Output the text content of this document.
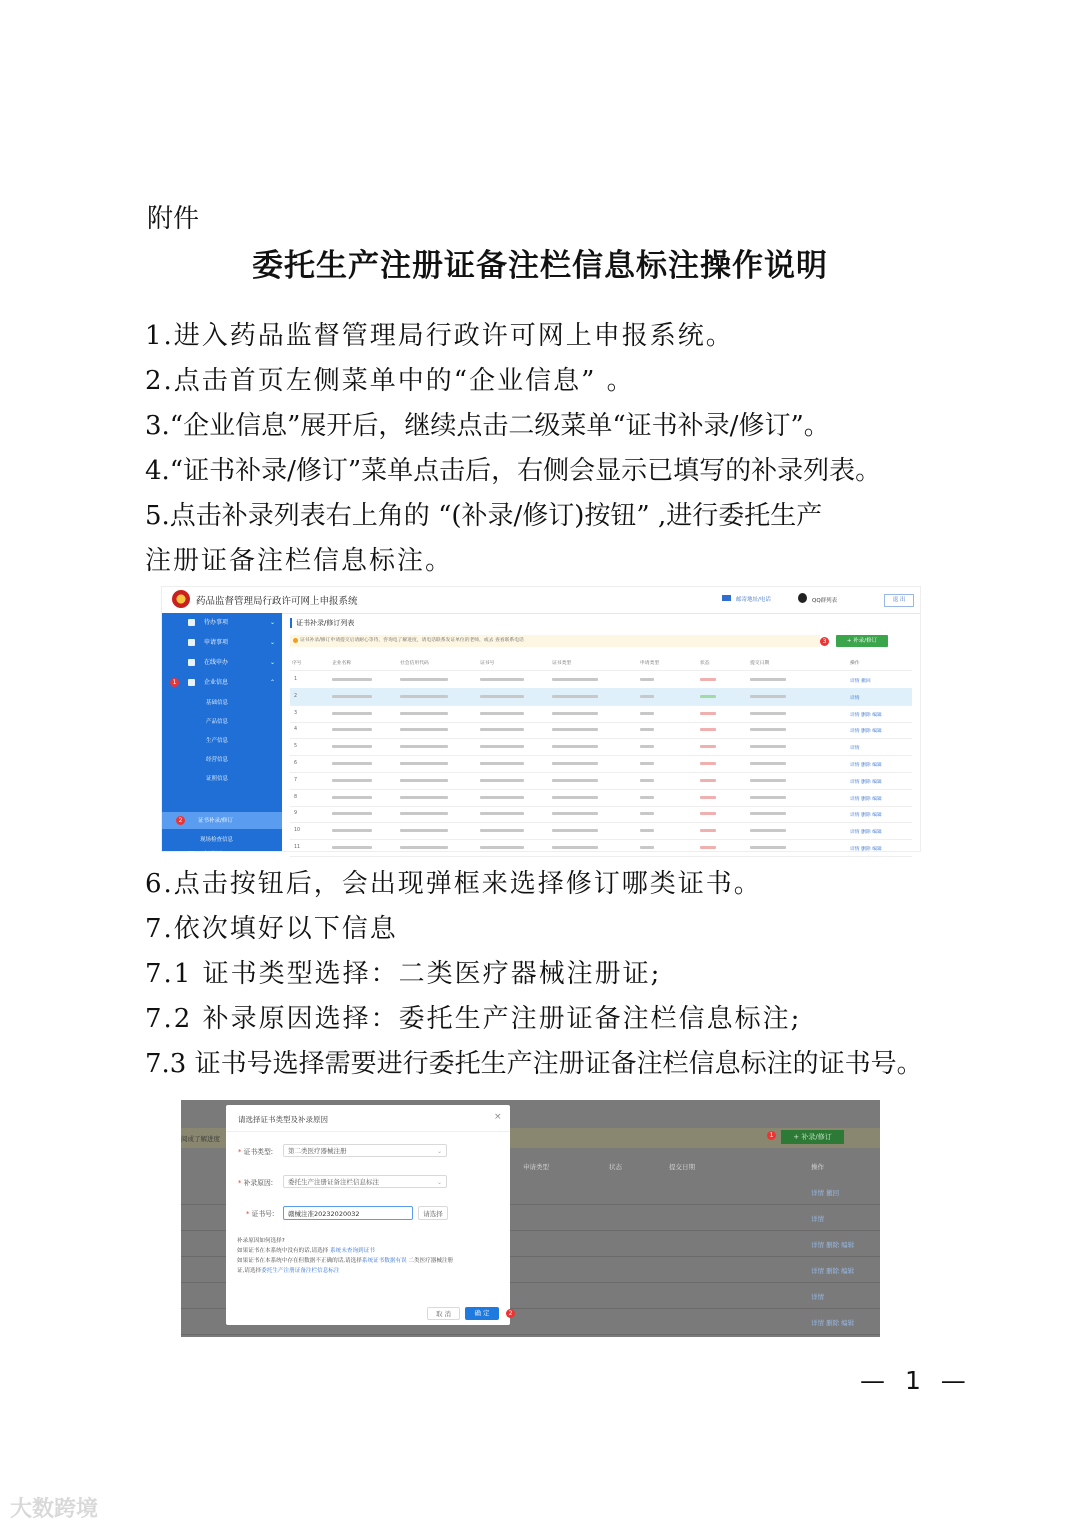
附件
委托生产注册证备注栏信息标注操作说明
1.进入药品监督管理局行政许可网上申报系统。
2.点击首页左侧菜单中的“企业信息” 。
3.“企业信息”展开后，继续点击二级菜单“证书补录/修订”。
4.“证书补录/修订”菜单点击后，右侧会显示已填写的补录列表。
5.点击补录列表右上角的 “(补录/修订)按钮” ,进行委托生产
注册证备注栏信息标注。
药品监督管理局行政许可网上申报系统	邮寄地址/电话	QQ群列表	退 出
待办事项	⌄
申请事项	⌄
在线申办	⌄
企业信息	⌃
1
基础信息
产品信息
生产信息
经营信息
证照信息
2	证书补录/修订
现场检查信息
好差评	⌄
证书补录/修订列表
证书补录/修订申请提交后请耐心等待，咨询电了解进度，请电话联系发证单位的老师，或去 查看联系电话	3	+ 补录/修订
序号	企业名称	社会信用代码	证书号	证书类型	申请类型	状态	提交日期	操作
1	详情 撤回
2	详情
3	详情 删除 编辑
4	详情 删除 编辑
5	详情
6	详情 删除 编辑
7	详情 删除 编辑
8	详情 删除 编辑
9	详情 删除 编辑
10	详情 删除 编辑
11	详情 删除 编辑
6.点击按钮后，会出现弹框来选择修订哪类证书。
7.依次填好以下信息
7.1 证书类型选择：二类医疗器械注册证;
7.2 补录原因选择：委托生产注册证备注栏信息标注;
7.3 证书号选择需要进行委托生产注册证备注栏信息标注的证书号。
阅成了解进度	1	+ 补录/修订
申请类型	状态	提交日期	操作
详情 撤回
详情
详情 删除 编辑
详情 删除 编辑
详情
详情 删除 编辑
请选择证书类型及补录原因	×
* 证书类型:	第二类医疗器械注册	⌄
* 补录原因:	委托生产注册证备注栏信息标注	⌄
* 证书号:	赣械注准20232020032	请选择
补录原因如何选择?
如果证书在本系统中没有的话,请选择 系统未查询到证书
如果证书在本系统中存在但数据不正确的话,请选择系统证书数据有误 二类医疗器械注册
证,请选择委托生产注册证备注栏信息标注
取 消	确 定	2
— 1 —
大数跨境
